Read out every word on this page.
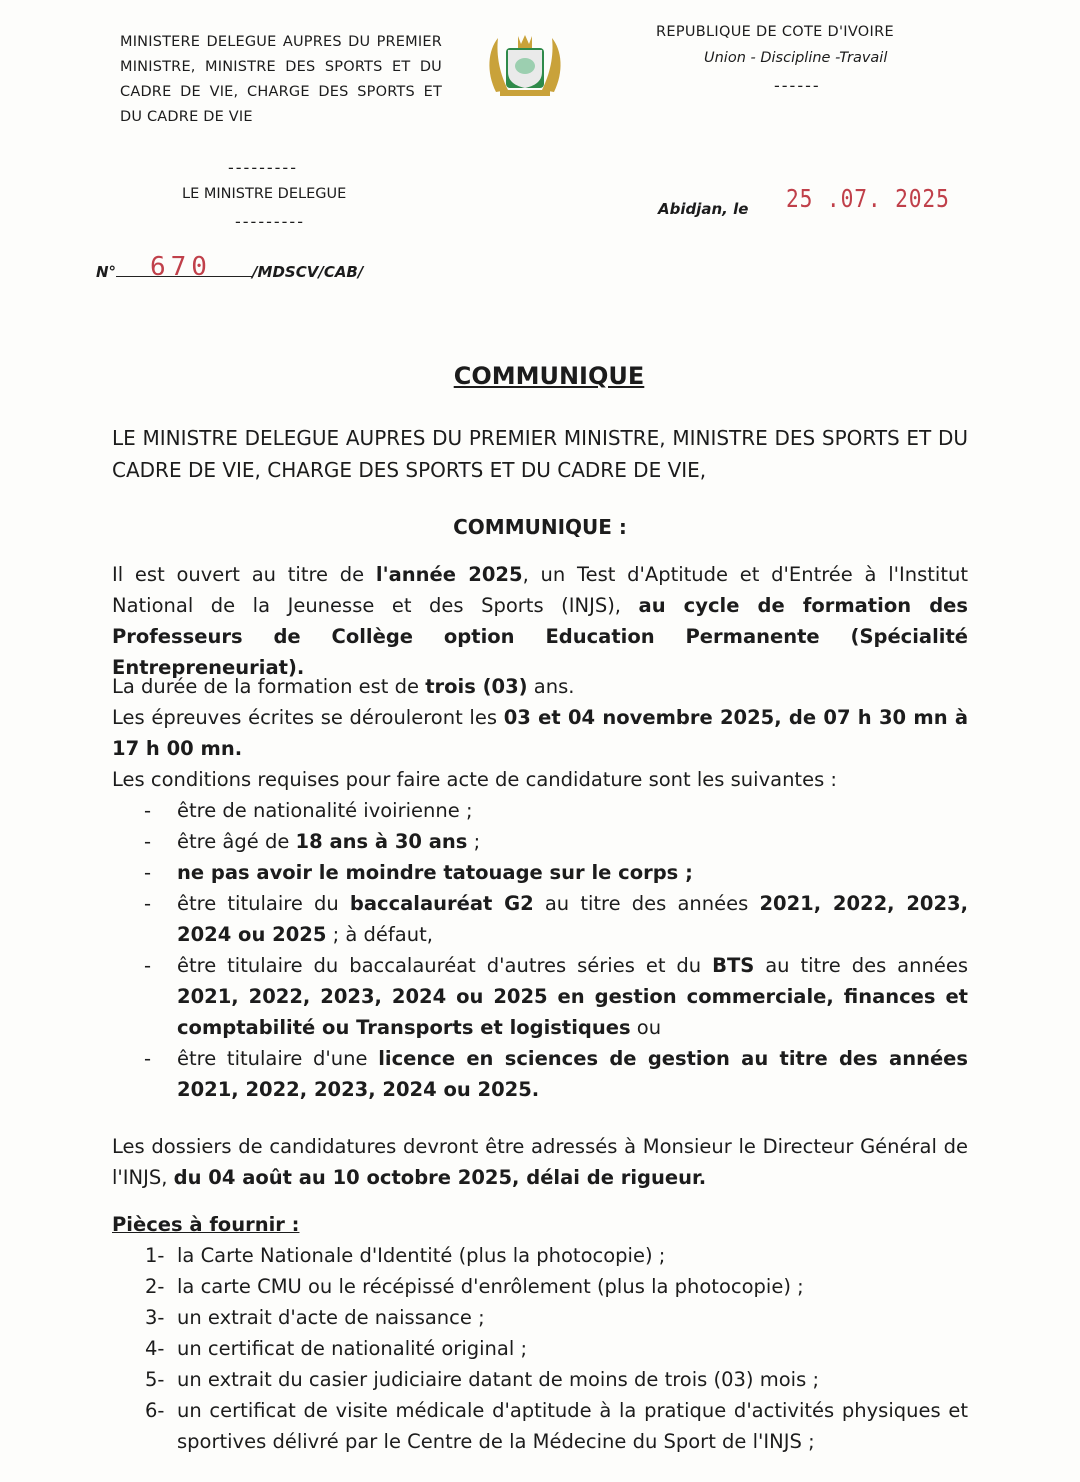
MINISTERE DELEGUE AUPRES DU PREMIER MINISTRE, MINISTRE DES SPORTS ET DU CADRE DE VIE, CHARGE DES SPORTS ET DU CADRE DE VIE
---------
LE MINISTRE DELEGUE
---------
REPUBLIQUE DE COTE D'IVOIRE
Union - Discipline -Travail
------
Abidjan, le 25 .07. 2025
N°	/MDSCV/CAB/
670
COMMUNIQUE
LE MINISTRE DELEGUE AUPRES DU PREMIER MINISTRE, MINISTRE DES SPORTS ET DU CADRE DE VIE, CHARGE DES SPORTS ET DU CADRE DE VIE,
COMMUNIQUE :

Il est ouvert au titre de l'année 2025, un Test d'Aptitude et d'Entrée à l'Institut National de la Jeunesse et des Sports (INJS), au cycle de formation des Professeurs de Collège option Education Permanente (Spécialité Entrepreneuriat).

La durée de la formation est de trois (03) ans.

Les épreuves écrites se dérouleront les 03 et 04 novembre 2025, de 07 h 30 mn à 17 h 00 mn.

Les conditions requises pour faire acte de candidature sont les suivantes :

- être de nationalité ivoirienne ;
- être âgé de 18 ans à 30 ans ;
- ne pas avoir le moindre tatouage sur le corps ;
- être titulaire du baccalauréat G2 au titre des années 2021, 2022, 2023, 2024 ou 2025 ; à défaut,
- être titulaire du baccalauréat d'autres séries et du BTS au titre des années 2021, 2022, 2023, 2024 ou 2025 en gestion commerciale, finances et comptabilité ou Transports et logistiques ou
- être titulaire d'une licence en sciences de gestion au titre des années 2021, 2022, 2023, 2024 ou 2025.

Les dossiers de candidatures devront être adressés à Monsieur le Directeur Général de l'INJS, du 04 août au 10 octobre 2025, délai de rigueur.

Pièces à fournir :

1- la Carte Nationale d'Identité (plus la photocopie) ;
2- la carte CMU ou le récépissé d'enrôlement (plus la photocopie) ;
3- un extrait d'acte de naissance ;
4- un certificat de nationalité original ;
5- un extrait du casier judiciaire datant de moins de trois (03) mois ;
6- un certificat de visite médicale d'aptitude à la pratique d'activités physiques et sportives délivré par le Centre de la Médecine du Sport de l'INJS ;
